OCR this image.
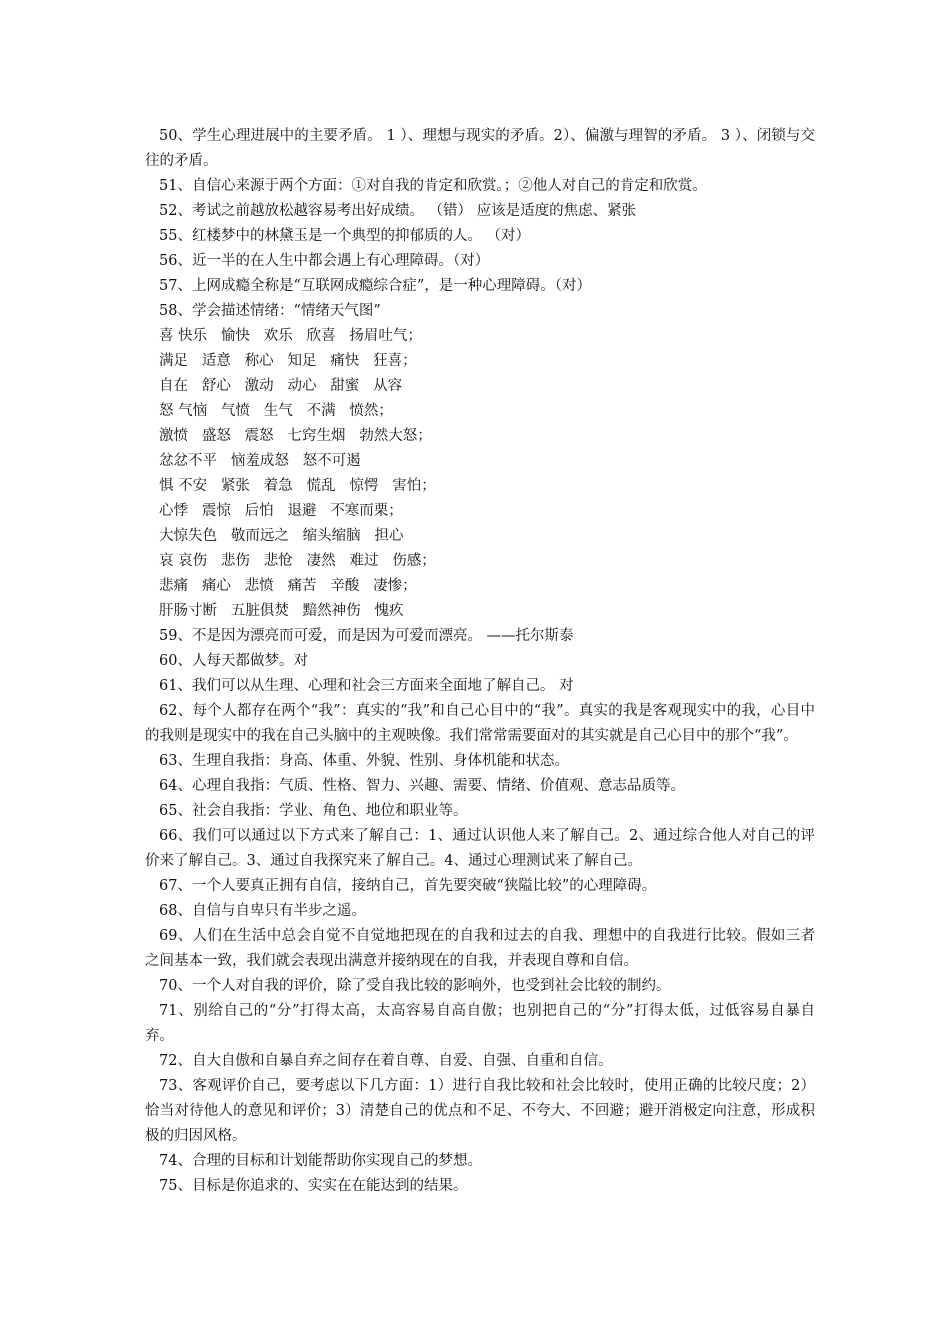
50、学生心理进展中的主要矛盾。 1 ）、理想与现实的矛盾。2）、偏激与理智的矛盾。 3 ）、闭锁与交往的矛盾。

51、自信心来源于两个方面：①对自我的肯定和欣赏。；②他人对自己的肯定和欣赏。

52、考试之前越放松越容易考出好成绩。 （错） 应该是适度的焦虑、紧张

55、红楼梦中的林黛玉是一个典型的抑郁质的人。 （对）

56、近一半的在人生中都会遇上有心理障碍。（对）

57、上网成瘾全称是“互联网成瘾综合症”，是一种心理障碍。（对）

58、学会描述情绪：“情绪天气图”

喜 快乐   愉快   欢乐   欣喜   扬眉吐气；

满足   适意   称心   知足   痛快   狂喜；

自在   舒心   激动   动心   甜蜜   从容

怒 气恼   气愤   生气   不满   愤然；

激愤   盛怒   震怒   七窍生烟   勃然大怒；

忿忿不平   恼羞成怒   怒不可遏

惧 不安   紧张   着急   慌乱   惊愕   害怕；

心悸   震惊   后怕   退避   不寒而栗；

大惊失色   敬而远之   缩头缩脑   担心

哀 哀伤   悲伤   悲怆   凄然   难过   伤感；

悲痛   痛心   悲愤   痛苦   辛酸   凄惨；

肝肠寸断   五脏俱焚   黯然神伤   愧疚

59、不是因为漂亮而可爱，而是因为可爱而漂亮。 ——托尔斯泰

60、人每天都做梦。对

61、我们可以从生理、心理和社会三方面来全面地了解自己。 对

62、每个人都存在两个“我”：真实的“我”和自己心目中的“我”。真实的我是客观现实中的我，心目中的我则是现实中的我在自己头脑中的主观映像。我们常常需要面对的其实就是自己心目中的那个“我”。

63、生理自我指：身高、体重、外貌、性别、身体机能和状态。

64、心理自我指：气质、性格、智力、兴趣、需要、情绪、价值观、意志品质等。

65、社会自我指：学业、角色、地位和职业等。

66、我们可以通过以下方式来了解自己：1、通过认识他人来了解自己。2、通过综合他人对自己的评价来了解自己。3、通过自我探究来了解自己。4、通过心理测试来了解自己。

67、一个人要真正拥有自信，接纳自己，首先要突破“狭隘比较”的心理障碍。

68、自信与自卑只有半步之遥。

69、人们在生活中总会自觉不自觉地把现在的自我和过去的自我、理想中的自我进行比较。假如三者之间基本一致，我们就会表现出满意并接纳现在的自我，并表现自尊和自信。

70、一个人对自我的评价，除了受自我比较的影响外，也受到社会比较的制约。

71、别给自己的“分”打得太高，太高容易自高自傲；也别把自己的“分”打得太低，过低容易自暴自弃。

72、自大自傲和自暴自弃之间存在着自尊、自爱、自强、自重和自信。

73、客观评价自己，要考虑以下几方面：1）进行自我比较和社会比较时，使用正确的比较尺度；2）恰当对待他人的意见和评价；3）清楚自己的优点和不足、不夸大、不回避；避开消极定向注意，形成积极的归因风格。

74、合理的目标和计划能帮助你实现自己的梦想。

75、目标是你追求的、实实在在能达到的结果。
